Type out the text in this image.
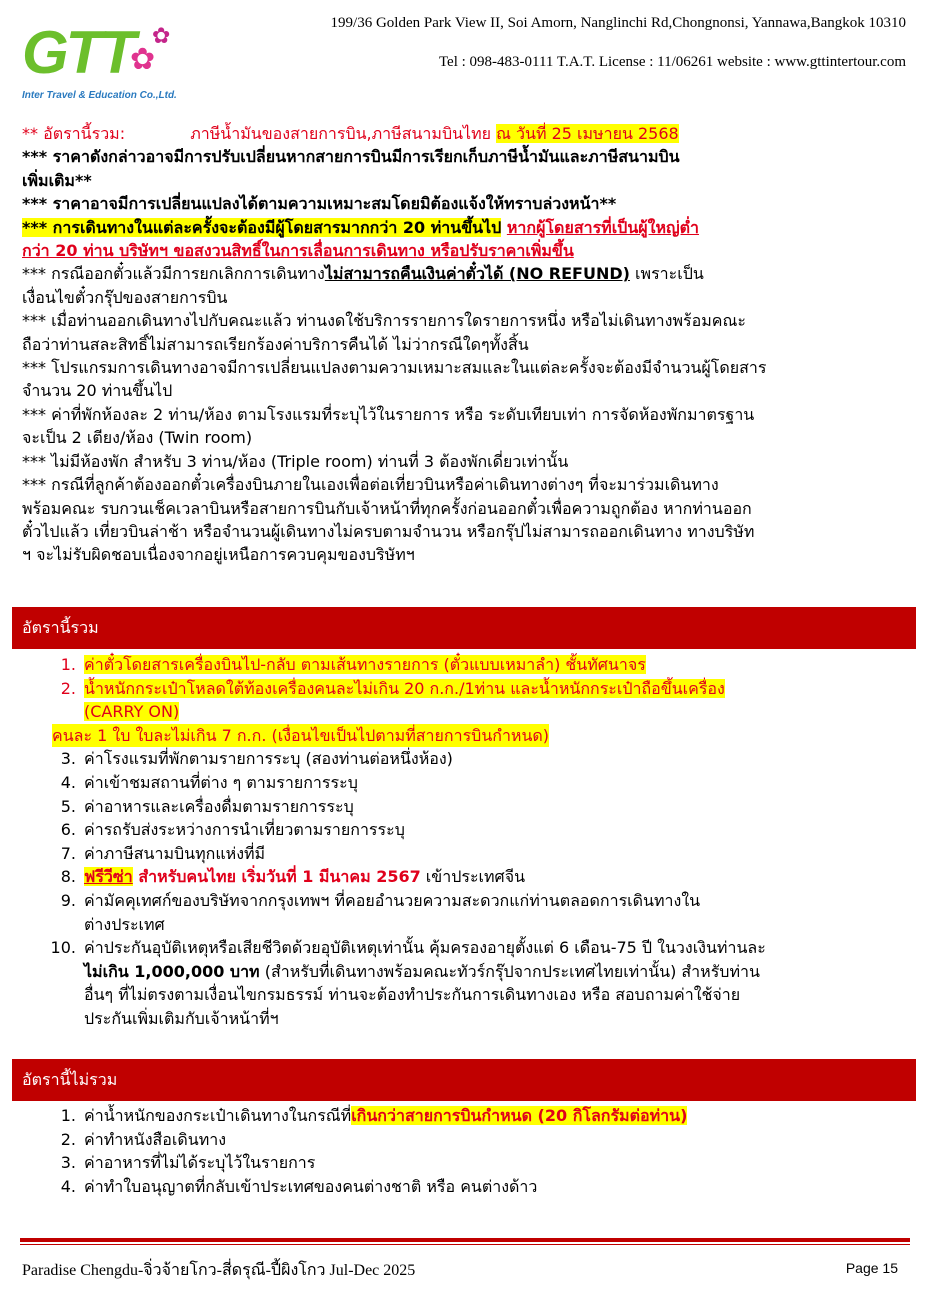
GTT
✿
✿
Inter Travel & Education Co.,Ltd.
199/36 Golden Park View II, Soi Amorn, Nanglinchi Rd,Chongnonsi, Yannawa,Bangkok 10310
Tel : 098-483-0111 T.A.T. License : 11/06261 website : www.gttintertour.com
** อัตรานี้รวม:	ภาษีน้ำมันของสายการบิน,ภาษีสนามบินไทย ณ วันที่ 25 เมษายน 2568
*** ราคาดังกล่าวอาจมีการปรับเปลี่ยนหากสายการบินมีการเรียกเก็บภาษีน้ำมันและภาษีสนามบิน
เพิ่มเติม**
*** ราคาอาจมีการเปลี่ยนแปลงได้ตามความเหมาะสมโดยมิต้องแจ้งให้ทราบล่วงหน้า**
*** การเดินทางในแต่ละครั้งจะต้องมีผู้โดยสารมากกว่า 20 ท่านขึ้นไป หากผู้โดยสารที่เป็นผู้ใหญ่ต่ำ
กว่า 20 ท่าน บริษัทฯ ขอสงวนสิทธิ์ในการเลื่อนการเดินทาง หรือปรับราคาเพิ่มขึ้น
*** กรณีออกตั๋วแล้วมีการยกเลิกการเดินทางไม่สามารถคืนเงินค่าตั๋วได้ (NO REFUND) เพราะเป็น
เงื่อนไขตั๋วกรุ๊ปของสายการบิน
*** เมื่อท่านออกเดินทางไปกับคณะแล้ว ท่านงดใช้บริการรายการใดรายการหนึ่ง หรือไม่เดินทางพร้อมคณะ
ถือว่าท่านสละสิทธิ์ไม่สามารถเรียกร้องค่าบริการคืนได้ ไม่ว่ากรณีใดๆทั้งสิ้น
*** โปรแกรมการเดินทางอาจมีการเปลี่ยนแปลงตามความเหมาะสมและในแต่ละครั้งจะต้องมีจำนวนผู้โดยสาร
จำนวน 20 ท่านขึ้นไป
*** ค่าที่พักห้องละ 2 ท่าน/ห้อง ตามโรงแรมที่ระบุไว้ในรายการ หรือ ระดับเทียบเท่า การจัดห้องพักมาตรฐาน
จะเป็น 2 เตียง/ห้อง (Twin room)
*** ไม่มีห้องพัก สำหรับ 3 ท่าน/ห้อง (Triple room) ท่านที่ 3 ต้องพักเดี่ยวเท่านั้น
*** กรณีที่ลูกค้าต้องออกตั๋วเครื่องบินภายในเองเพื่อต่อเที่ยวบินหรือค่าเดินทางต่างๆ ที่จะมาร่วมเดินทาง
พร้อมคณะ รบกวนเช็คเวลาบินหรือสายการบินกับเจ้าหน้าที่ทุกครั้งก่อนออกตั๋วเพื่อความถูกต้อง หากท่านออก
ตั๋วไปแล้ว เที่ยวบินล่าช้า หรือจำนวนผู้เดินทางไม่ครบตามจำนวน หรือกรุ๊ปไม่สามารถออกเดินทาง ทางบริษัท
ฯ จะไม่รับผิดชอบเนื่องจากอยู่เหนือการควบคุมของบริษัทฯ
อัตรานี้รวม
1. ค่าตั๋วโดยสารเครื่องบินไป-กลับ ตามเส้นทางรายการ (ตั๋วแบบเหมาลำ) ชั้นทัศนาจร
2. น้ำหนักกระเป๋าโหลดใต้ท้องเครื่องคนละไม่เกิน 20 ก.ก./1ท่าน และน้ำหนักกระเป๋าถือขึ้นเครื่อง
(CARRY ON)
คนละ 1 ใบ ใบละไม่เกิน 7 ก.ก. (เงื่อนไขเป็นไปตามที่สายการบินกำหนด)
3. ค่าโรงแรมที่พักตามรายการระบุ (สองท่านต่อหนึ่งห้อง)
4. ค่าเข้าชมสถานที่ต่าง ๆ ตามรายการระบุ
5. ค่าอาหารและเครื่องดื่มตามรายการระบุ
6. ค่ารถรับส่งระหว่างการนำเที่ยวตามรายการระบุ
7. ค่าภาษีสนามบินทุกแห่งที่มี
8. ฟรีวีซ่า สำหรับคนไทย เริ่มวันที่ 1 มีนาคม 2567 เข้าประเทศจีน
9. ค่ามัคคุเทศก์ของบริษัทจากกรุงเทพฯ ที่คอยอำนวยความสะดวกแก่ท่านตลอดการเดินทางใน
ต่างประเทศ
10. ค่าประกันอุบัติเหตุหรือเสียชีวิตด้วยอุบัติเหตุเท่านั้น คุ้มครองอายุตั้งแต่ 6 เดือน-75 ปี ในวงเงินท่านละ
ไม่เกิน 1,000,000 บาท (สำหรับที่เดินทางพร้อมคณะทัวร์กรุ๊ปจากประเทศไทยเท่านั้น) สำหรับท่าน
อื่นๆ ที่ไม่ตรงตามเงื่อนไขกรมธรรม์ ท่านจะต้องทำประกันการเดินทางเอง หรือ สอบถามค่าใช้จ่าย
ประกันเพิ่มเติมกับเจ้าหน้าที่ฯ
อัตรานี้ไม่รวม
1. ค่าน้ำหนักของกระเป๋าเดินทางในกรณีที่เกินกว่าสายการบินกำหนด (20 กิโลกรัมต่อท่าน)
2. ค่าทำหนังสือเดินทาง
3. ค่าอาหารที่ไม่ได้ระบุไว้ในรายการ
4. ค่าทำใบอนุญาตที่กลับเข้าประเทศของคนต่างชาติ หรือ คนต่างด้าว
Paradise Chengdu-จิ่วจ้ายโกว-สี่ดรุณี-ปี้ผิงโกว Jul-Dec 2025	Page 15
